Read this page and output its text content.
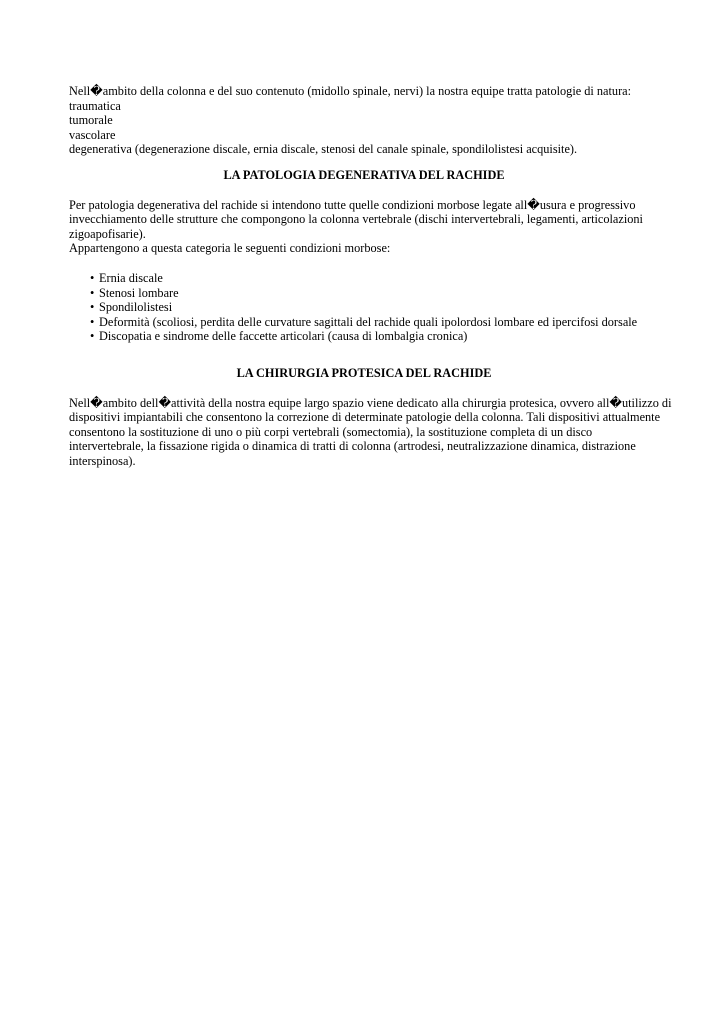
Nell�ambito della colonna e del suo contenuto (midollo spinale, nervi) la nostra equipe tratta patologie di natura:
traumatica
tumorale
vascolare
degenerativa (degenerazione discale, ernia discale, stenosi del canale spinale, spondilolistesi acquisite).
LA PATOLOGIA DEGENERATIVA DEL RACHIDE
Per patologia degenerativa del rachide si intendono tutte quelle condizioni morbose legate all�usura e progressivo
invecchiamento delle strutture che compongono la colonna vertebrale (dischi intervertebrali, legamenti, articolazioni
zigoapofisarie).
Appartengono a questa categoria le seguenti condizioni morbose:
• Ernia discale
• Stenosi lombare
• Spondilolistesi
• Deformità (scoliosi, perdita delle curvature sagittali del rachide quali ipolordosi lombare ed ipercifosi dorsale
• Discopatia e sindrome delle faccette articolari (causa di lombalgia cronica)
LA CHIRURGIA PROTESICA DEL RACHIDE
Nell�ambito dell�attività della nostra equipe largo spazio viene dedicato alla chirurgia protesica, ovvero all�utilizzo di
dispositivi impiantabili che consentono la correzione di determinate patologie della colonna. Tali dispositivi attualmente
consentono la sostituzione di uno o più corpi vertebrali (somectomia), la sostituzione completa di un disco
intervertebrale, la fissazione rigida o dinamica di tratti di colonna (artrodesi, neutralizzazione dinamica, distrazione
interspinosa).
